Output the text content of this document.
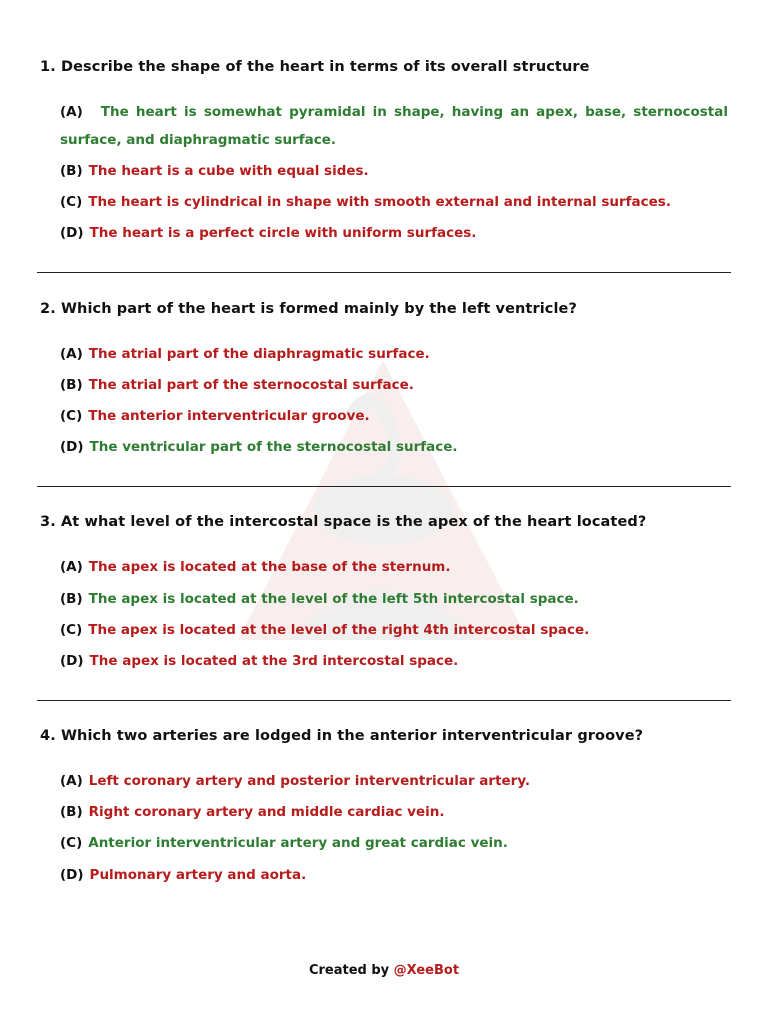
1. Describe the shape of the heart in terms of its overall structure
(A) The heart is somewhat pyramidal in shape, having an apex, base, sternocostal surface, and diaphragmatic surface.
(B) The heart is a cube with equal sides.
(C) The heart is cylindrical in shape with smooth external and internal surfaces.
(D) The heart is a perfect circle with uniform surfaces.
2. Which part of the heart is formed mainly by the left ventricle?
(A) The atrial part of the diaphragmatic surface.
(B) The atrial part of the sternocostal surface.
(C) The anterior interventricular groove.
(D) The ventricular part of the sternocostal surface.
3. At what level of the intercostal space is the apex of the heart located?
(A) The apex is located at the base of the sternum.
(B) The apex is located at the level of the left 5th intercostal space.
(C) The apex is located at the level of the right 4th intercostal space.
(D) The apex is located at the 3rd intercostal space.
4. Which two arteries are lodged in the anterior interventricular groove?
(A) Left coronary artery and posterior interventricular artery.
(B) Right coronary artery and middle cardiac vein.
(C) Anterior interventricular artery and great cardiac vein.
(D) Pulmonary artery and aorta.
Created by @XeeBot
